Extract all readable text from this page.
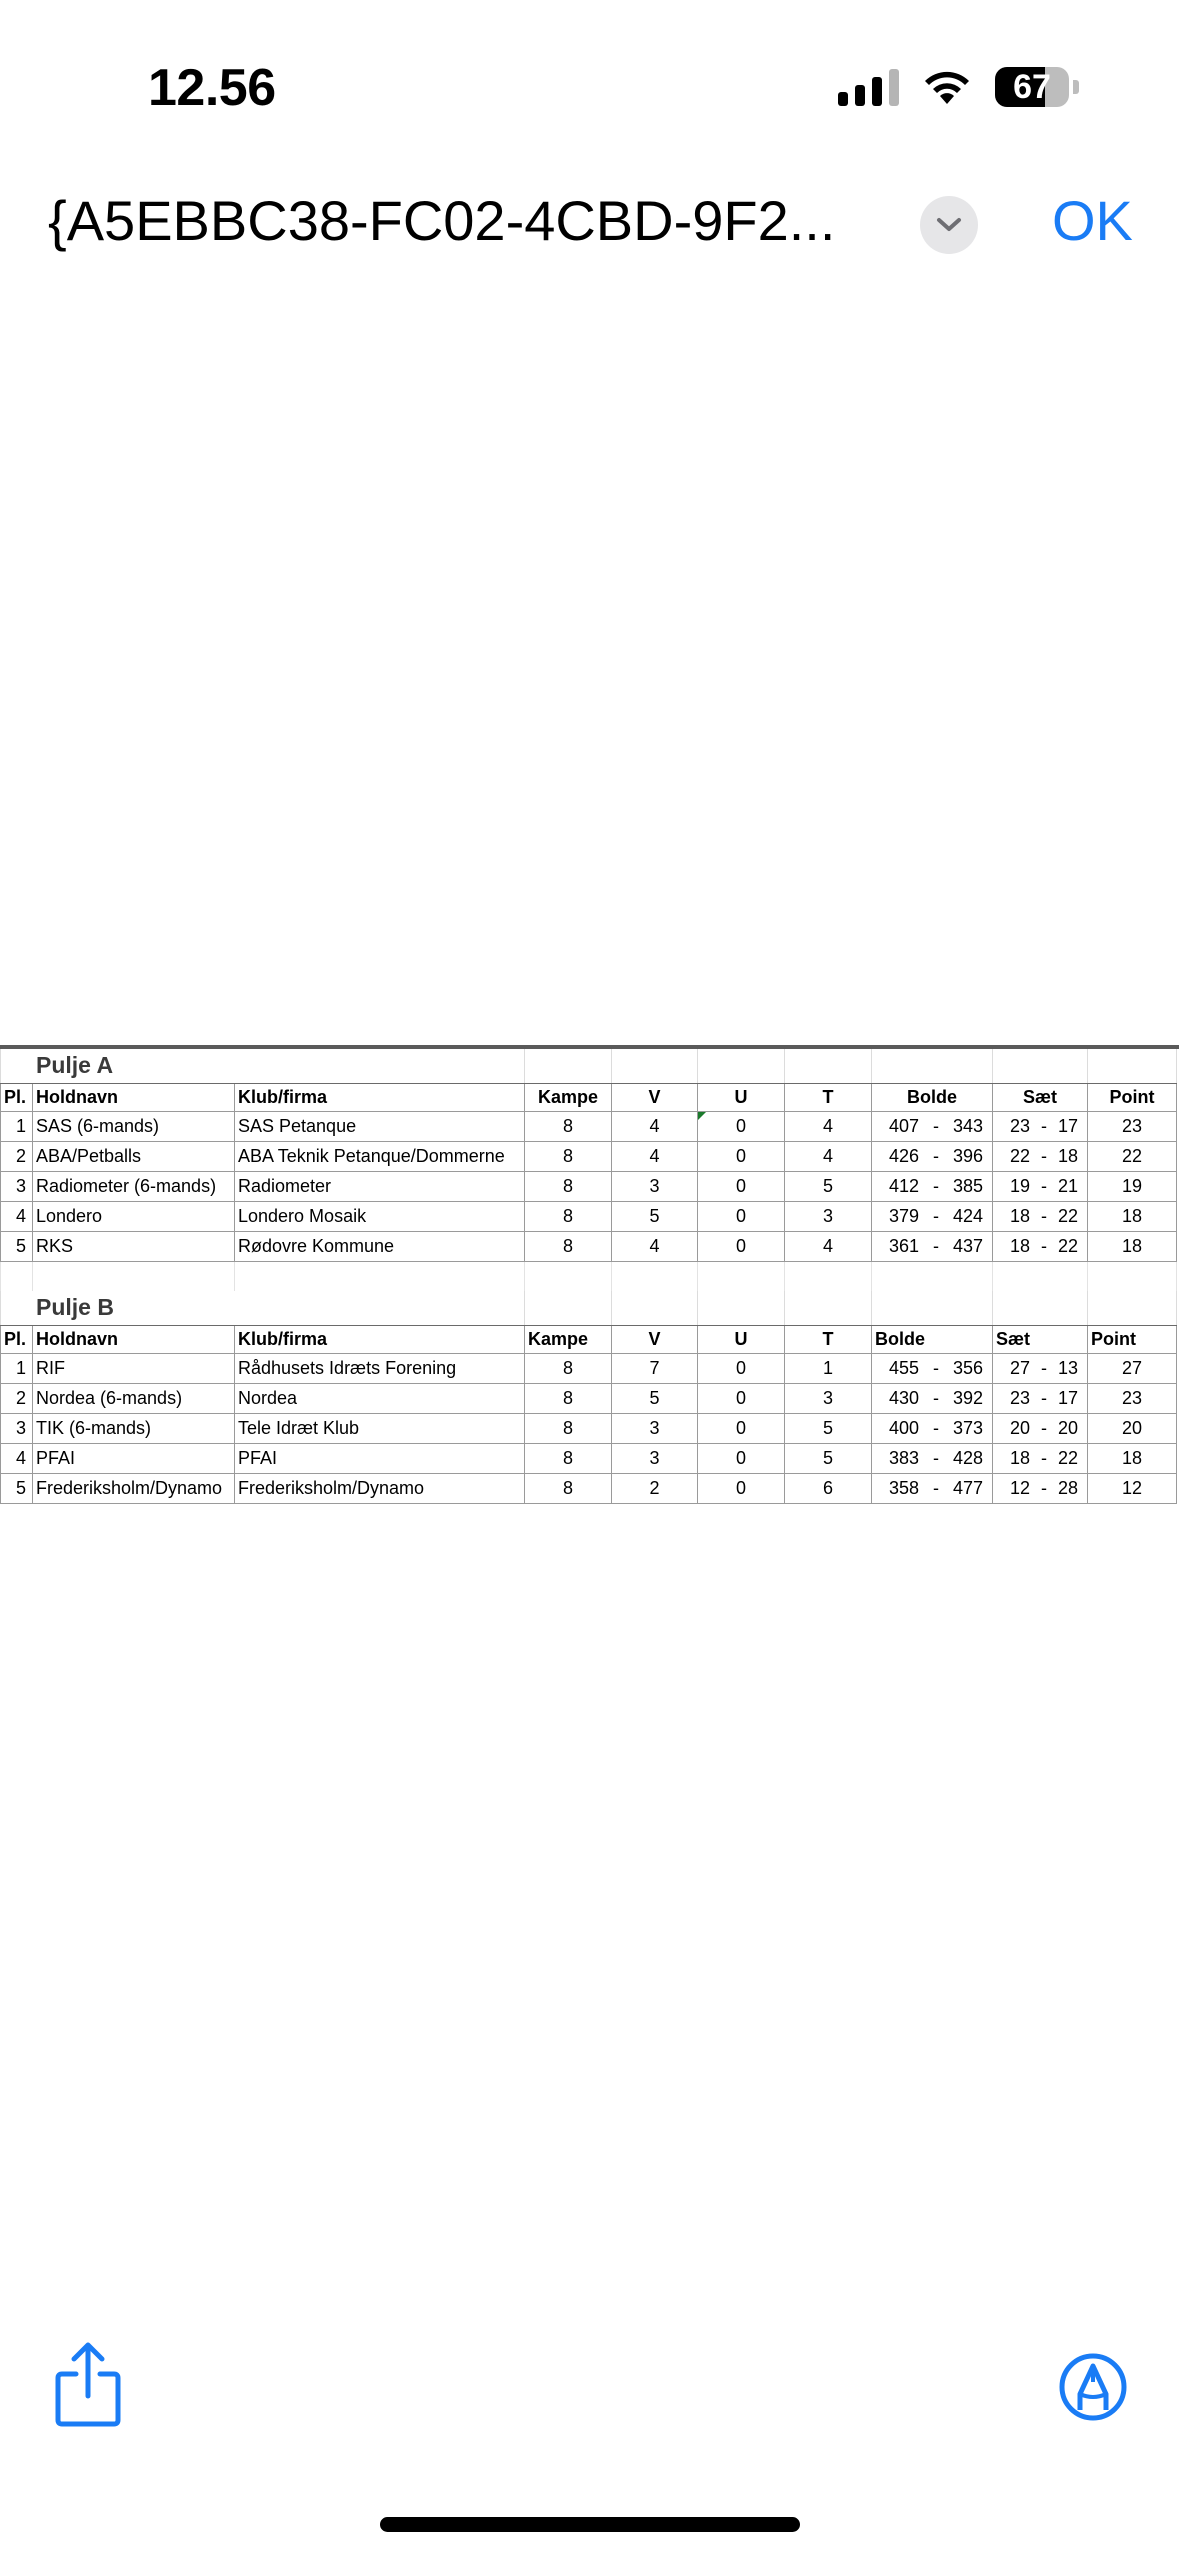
12.56	67
{A5EBBC38-FC02-4CBD-9F2...	OK
Pulje A									
Pl.	Holdnavn	Klub/firma	Kampe	V	U	T	Bolde	Sæt	Point
1	SAS (6-mands)	SAS Petanque	8	4	0	4	407 - 343	23 - 17	23
2	ABA/Petballs	ABA Teknik Petanque/Dommerne	8	4	0	4	426 - 396	22 - 18	22
3	Radiometer (6-mands)	Radiometer	8	3	0	5	412 - 385	19 - 21	19
4	Londero	Londero Mosaik	8	5	0	3	379 - 424	18 - 22	18
5	RKS	Rødovre Kommune	8	4	0	4	361 - 437	18 - 22	18

Pulje B									
Pl.	Holdnavn	Klub/firma	Kampe	V	U	T	Bolde	Sæt	Point
1	RIF	Rådhusets Idræts Forening	8	7	0	1	455 - 356	27 - 13	27
2	Nordea (6-mands)	Nordea	8	5	0	3	430 - 392	23 - 17	23
3	TIK (6-mands)	Tele Idræt Klub	8	3	0	5	400 - 373	20 - 20	20
4	PFAI	PFAI	8	3	0	5	383 - 428	18 - 22	18
5	Frederiksholm/Dynamo	Frederiksholm/Dynamo	8	2	0	6	358 - 477	12 - 28	12
